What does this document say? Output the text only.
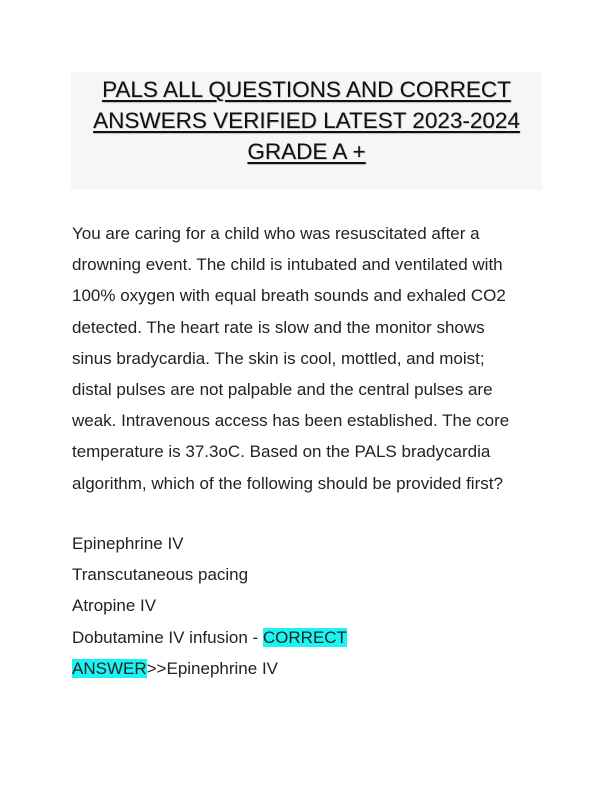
PALS ALL QUESTIONS AND CORRECT
ANSWERS VERIFIED LATEST 2023-2024
GRADE A +
You are caring for a child who was resuscitated after a
drowning event. The child is intubated and ventilated with
100% oxygen with equal breath sounds and exhaled CO2
detected. The heart rate is slow and the monitor shows
sinus bradycardia. The skin is cool, mottled, and moist;
distal pulses are not palpable and the central pulses are
weak. Intravenous access has been established. The core
temperature is 37.3oC. Based on the PALS bradycardia
algorithm, which of the following should be provided first?
Epinephrine IV
Transcutaneous pacing
Atropine IV
Dobutamine IV infusion - CORRECT
ANSWER>>Epinephrine IV
